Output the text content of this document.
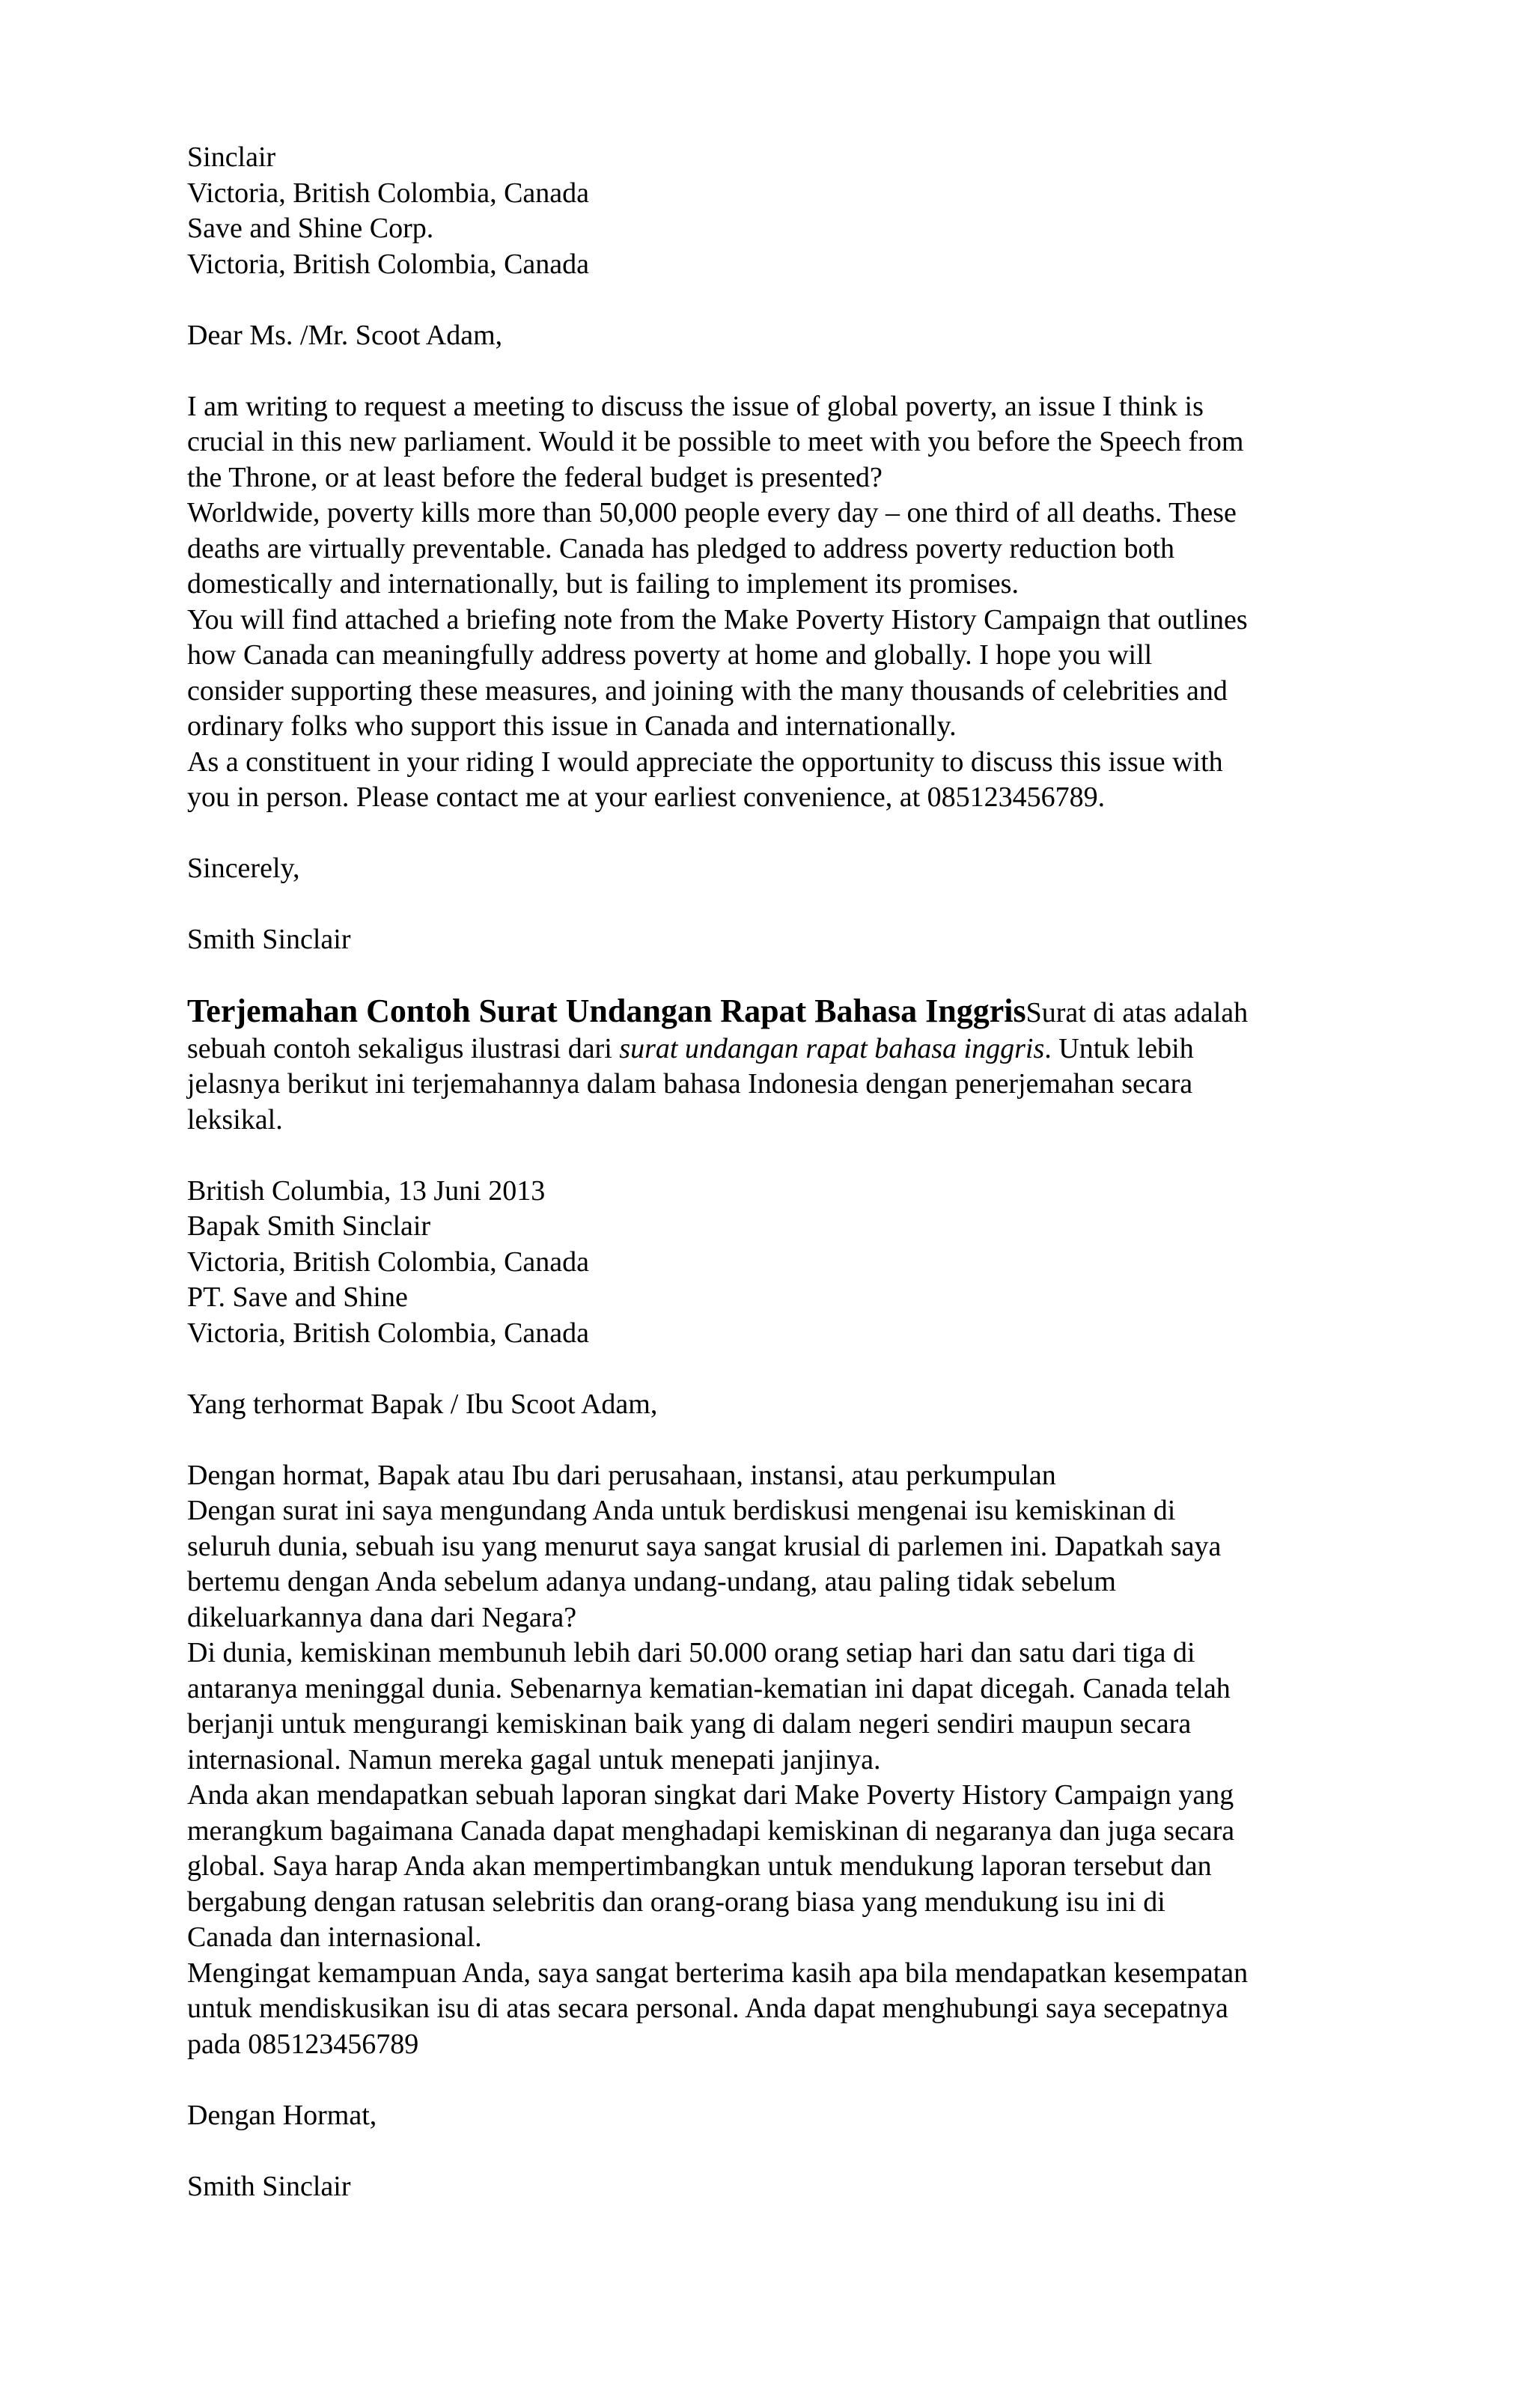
Sinclair
Victoria, British Colombia, Canada
Save and Shine Corp.
Victoria, British Colombia, Canada
Dear Ms. /Mr. Scoot Adam,
I am writing to request a meeting to discuss the issue of global poverty, an issue I think is
crucial in this new parliament. Would it be possible to meet with you before the Speech from
the Throne, or at least before the federal budget is presented?
Worldwide, poverty kills more than 50,000 people every day – one third of all deaths. These
deaths are virtually preventable. Canada has pledged to address poverty reduction both
domestically and internationally, but is failing to implement its promises.
You will find attached a briefing note from the Make Poverty History Campaign that outlines
how Canada can meaningfully address poverty at home and globally. I hope you will
consider supporting these measures, and joining with the many thousands of celebrities and
ordinary folks who support this issue in Canada and internationally.
As a constituent in your riding I would appreciate the opportunity to discuss this issue with
you in person. Please contact me at your earliest convenience, at 085123456789.
Sincerely,
Smith Sinclair
Terjemahan Contoh Surat Undangan Rapat Bahasa InggrisSurat di atas adalah
sebuah contoh sekaligus ilustrasi dari surat undangan rapat bahasa inggris. Untuk lebih
jelasnya berikut ini terjemahannya dalam bahasa Indonesia dengan penerjemahan secara
leksikal.
British Columbia, 13 Juni 2013
Bapak Smith Sinclair
Victoria, British Colombia, Canada
PT. Save and Shine
Victoria, British Colombia, Canada
Yang terhormat Bapak / Ibu Scoot Adam,
Dengan hormat, Bapak atau Ibu dari perusahaan, instansi, atau perkumpulan
Dengan surat ini saya mengundang Anda untuk berdiskusi mengenai isu kemiskinan di
seluruh dunia, sebuah isu yang menurut saya sangat krusial di parlemen ini. Dapatkah saya
bertemu dengan Anda sebelum adanya undang-undang, atau paling tidak sebelum
dikeluarkannya dana dari Negara?
Di dunia, kemiskinan membunuh lebih dari 50.000 orang setiap hari dan satu dari tiga di
antaranya meninggal dunia. Sebenarnya kematian-kematian ini dapat dicegah. Canada telah
berjanji untuk mengurangi kemiskinan baik yang di dalam negeri sendiri maupun secara
internasional. Namun mereka gagal untuk menepati janjinya.
Anda akan mendapatkan sebuah laporan singkat dari Make Poverty History Campaign yang
merangkum bagaimana Canada dapat menghadapi kemiskinan di negaranya dan juga secara
global. Saya harap Anda akan mempertimbangkan untuk mendukung laporan tersebut dan
bergabung dengan ratusan selebritis dan orang-orang biasa yang mendukung isu ini di
Canada dan internasional.
Mengingat kemampuan Anda, saya sangat berterima kasih apa bila mendapatkan kesempatan
untuk mendiskusikan isu di atas secara personal. Anda dapat menghubungi saya secepatnya
pada 085123456789
Dengan Hormat,
Smith Sinclair
